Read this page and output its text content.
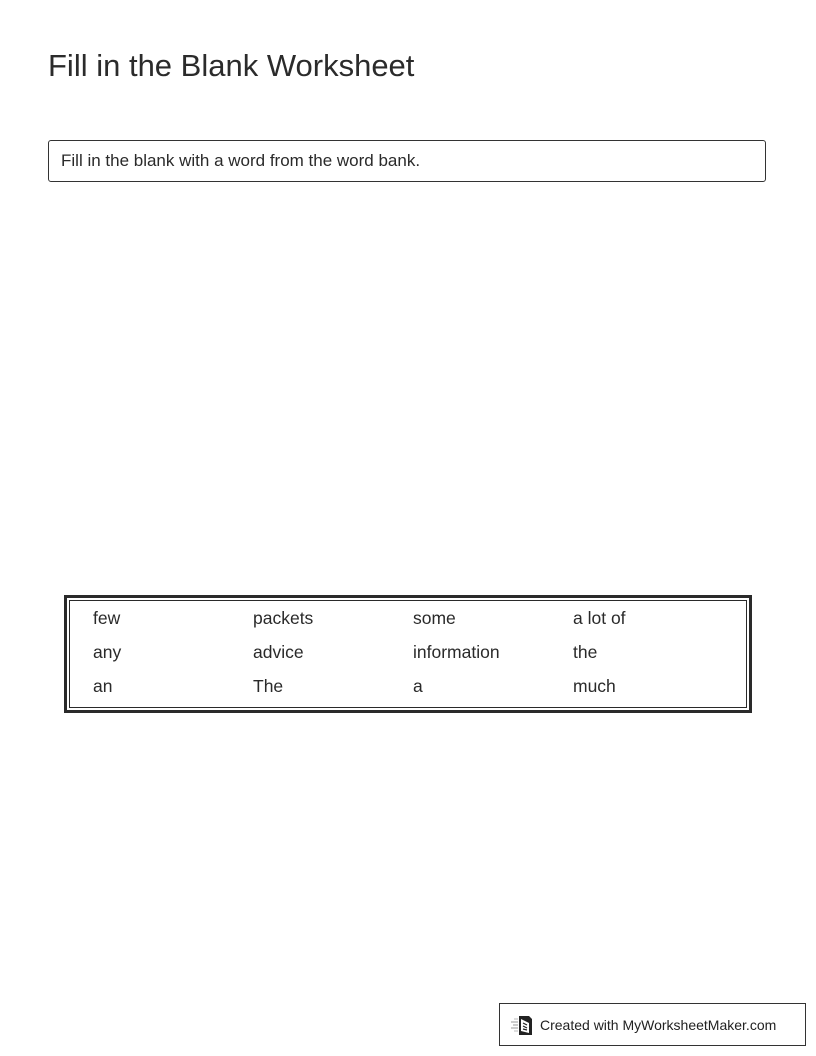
Fill in the Blank Worksheet
Fill in the blank with a word from the word bank.
few	packets	some	a lot of
any	advice	information	the
an	The	a	much
Created with MyWorksheetMaker.com
